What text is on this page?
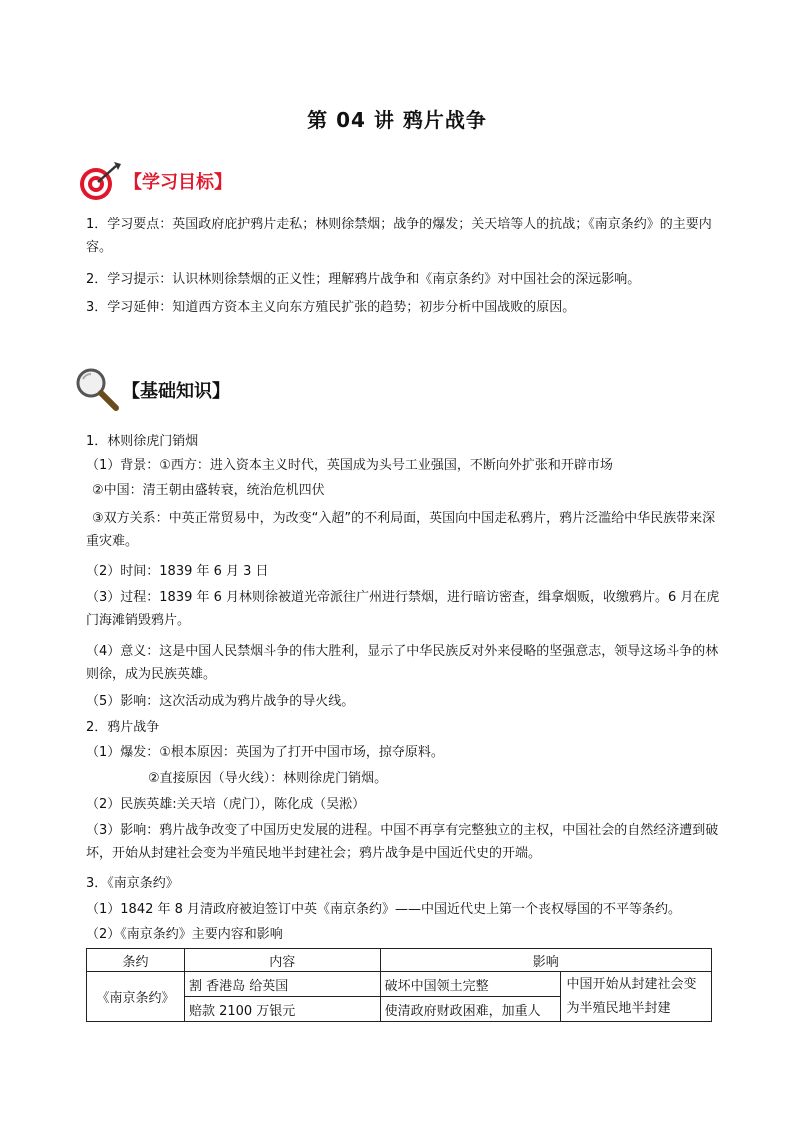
第 04 讲 鸦片战争
【学习目标】

1．学习要点：英国政府庇护鸦片走私；林则徐禁烟；战争的爆发；关天培等人的抗战；《南京条约》的主要内容。

2．学习提示：认识林则徐禁烟的正义性；理解鸦片战争和《南京条约》对中国社会的深远影响。

3．学习延伸：知道西方资本主义向东方殖民扩张的趋势；初步分析中国战败的原因。

【基础知识】
1．林则徐虎门销烟
（1）背景：①西方：进入资本主义时代，英国成为头号工业强国，不断向外扩张和开辟市场
②中国：清王朝由盛转衰，统治危机四伏

③双方关系：中英正常贸易中，为改变“入超”的不利局面，英国向中国走私鸦片，鸦片泛滥给中华民族带来深重灾难。

（2）时间：1839 年 6 月 3 日

（3）过程：1839 年 6 月林则徐被道光帝派往广州进行禁烟，进行暗访密查，缉拿烟贩，收缴鸦片。6 月在虎门海滩销毁鸦片。

（4）意义：这是中国人民禁烟斗争的伟大胜利，显示了中华民族反对外来侵略的坚强意志，领导这场斗争的林则徐，成为民族英雄。

（5）影响：这次活动成为鸦片战争的导火线。
2．鸦片战争
（1）爆发：①根本原因：英国为了打开中国市场，掠夺原料。
②直接原因（导火线）：林则徐虎门销烟。
（2）民族英雄:关天培（虎门），陈化成（吴淞）

（3）影响：鸦片战争改变了中国历史发展的进程。中国不再享有完整独立的主权，中国社会的自然经济遭到破坏，开始从封建社会变为半殖民地半封建社会；鸦片战争是中国近代史的开端。

3．《南京条约》
（1）1842 年 8 月清政府被迫签订中英《南京条约》——中国近代史上第一个丧权辱国的不平等条约。
（2）《南京条约》主要内容和影响
条约	内容	影响	
《南京条约》	割 香港岛 给英国	破坏中国领土完整	中国开始从封建社会变为半殖民地半封建
	赔款 2100 万银元	使清政府财政困难，加重人	
